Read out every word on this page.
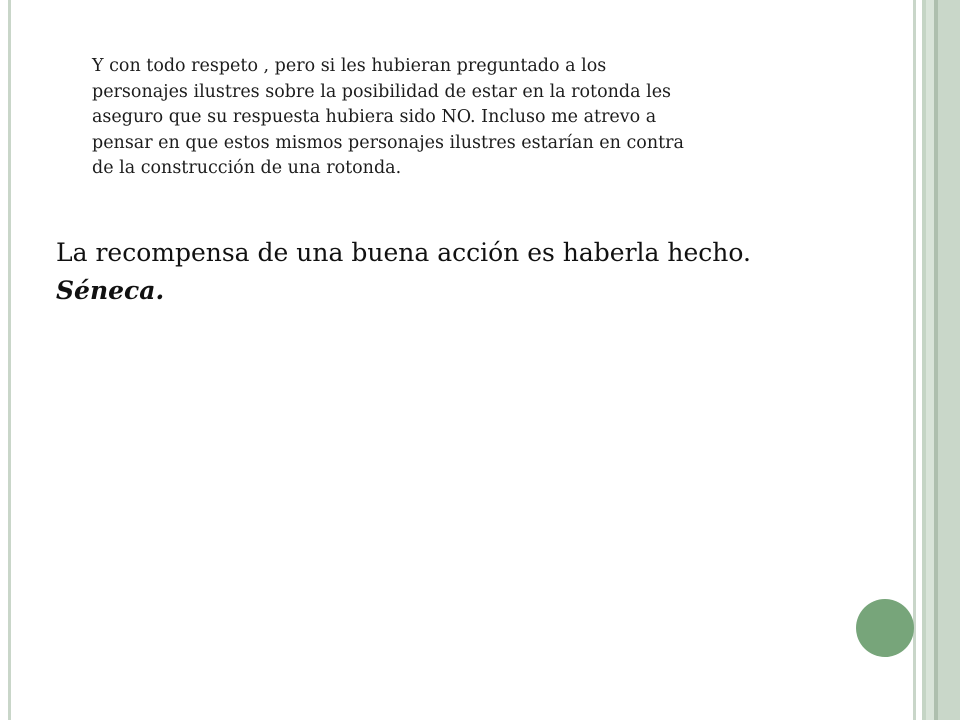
Y con todo respeto , pero si les hubieran preguntado a los
personajes ilustres sobre la posibilidad de estar en la rotonda les
aseguro que su respuesta hubiera sido NO. Incluso me atrevo a
pensar en que estos mismos personajes ilustres estarían en contra
de la construcción de una rotonda.

La recompensa de una buena acción es haberla hecho.
Séneca.
